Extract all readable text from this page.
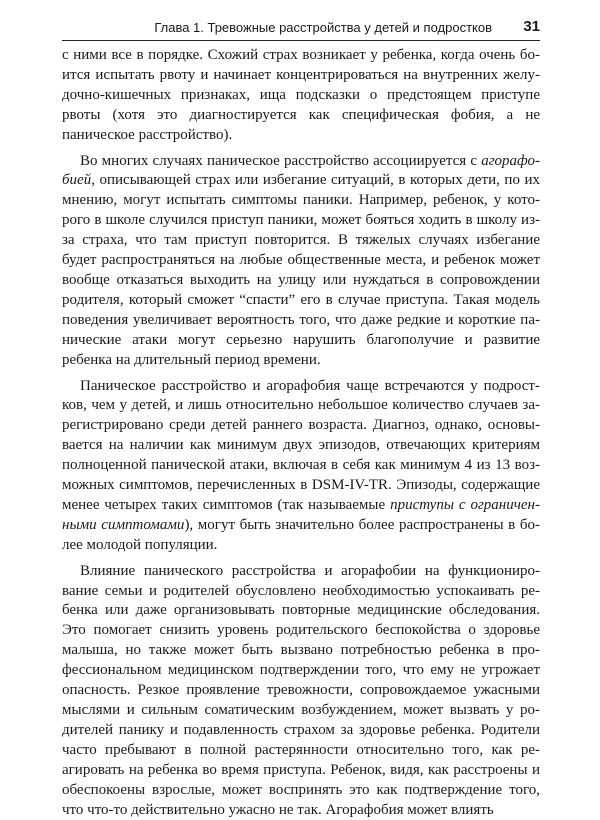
Глава 1. Тревожные расстройства у детей и подростков 31

с ними все в порядке. Схожий страх возникает у ребенка, когда очень боится испытать рвоту и начинает концентрироваться на внутренних желудочно-кишечных признаках, ища подсказки о предстоящем приступе рвоты (хотя это диагностируется как специфическая фобия, а не паническое расстройство).

Во многих случаях паническое расстройство ассоциируется с агорафобией, описывающей страх или избегание ситуаций, в которых дети, по их мнению, могут испытать симптомы паники. Например, ребенок, у которого в школе случился приступ паники, может бояться ходить в школу из-за страха, что там приступ повторится. В тяжелых случаях избегание будет распространяться на любые общественные места, и ребенок может вообще отказаться выходить на улицу или нуждаться в сопровождении родителя, который сможет “спасти” его в случае приступа. Такая модель поведения увеличивает вероятность того, что даже редкие и короткие панические атаки могут серьезно нарушить благополучие и развитие ребенка на длительный период времени.

Паническое расстройство и агорафобия чаще встречаются у подростков, чем у детей, и лишь относительно небольшое количество случаев зарегистрировано среди детей раннего возраста. Диагноз, однако, основывается на наличии как минимум двух эпизодов, отвечающих критериям полноценной панической атаки, включая в себя как минимум 4 из 13 возможных симптомов, перечисленных в DSM-IV-TR. Эпизоды, содержащие менее четырех таких симптомов (так называемые приступы с ограниченными симптомами), могут быть значительно более распространены в более молодой популяции.

Влияние панического расстройства и агорафобии на функционирование семьи и родителей обусловлено необходимостью успокаивать ребенка или даже организовывать повторные медицинские обследования. Это помогает снизить уровень родительского беспокойства о здоровье малыша, но также может быть вызвано потребностью ребенка в профессиональном медицинском подтверждении того, что ему не угрожает опасность. Резкое проявление тревожности, сопровождаемое ужасными мыслями и сильным соматическим возбуждением, может вызвать у родителей панику и подавленность страхом за здоровье ребенка. Родители часто пребывают в полной растерянности относительно того, как реагировать на ребенка во время приступа. Ребенок, видя, как расстроены и обеспокоены взрослые, может воспринять это как подтверждение того, что что-то действительно ужасно не так. Агорафобия может влиять
